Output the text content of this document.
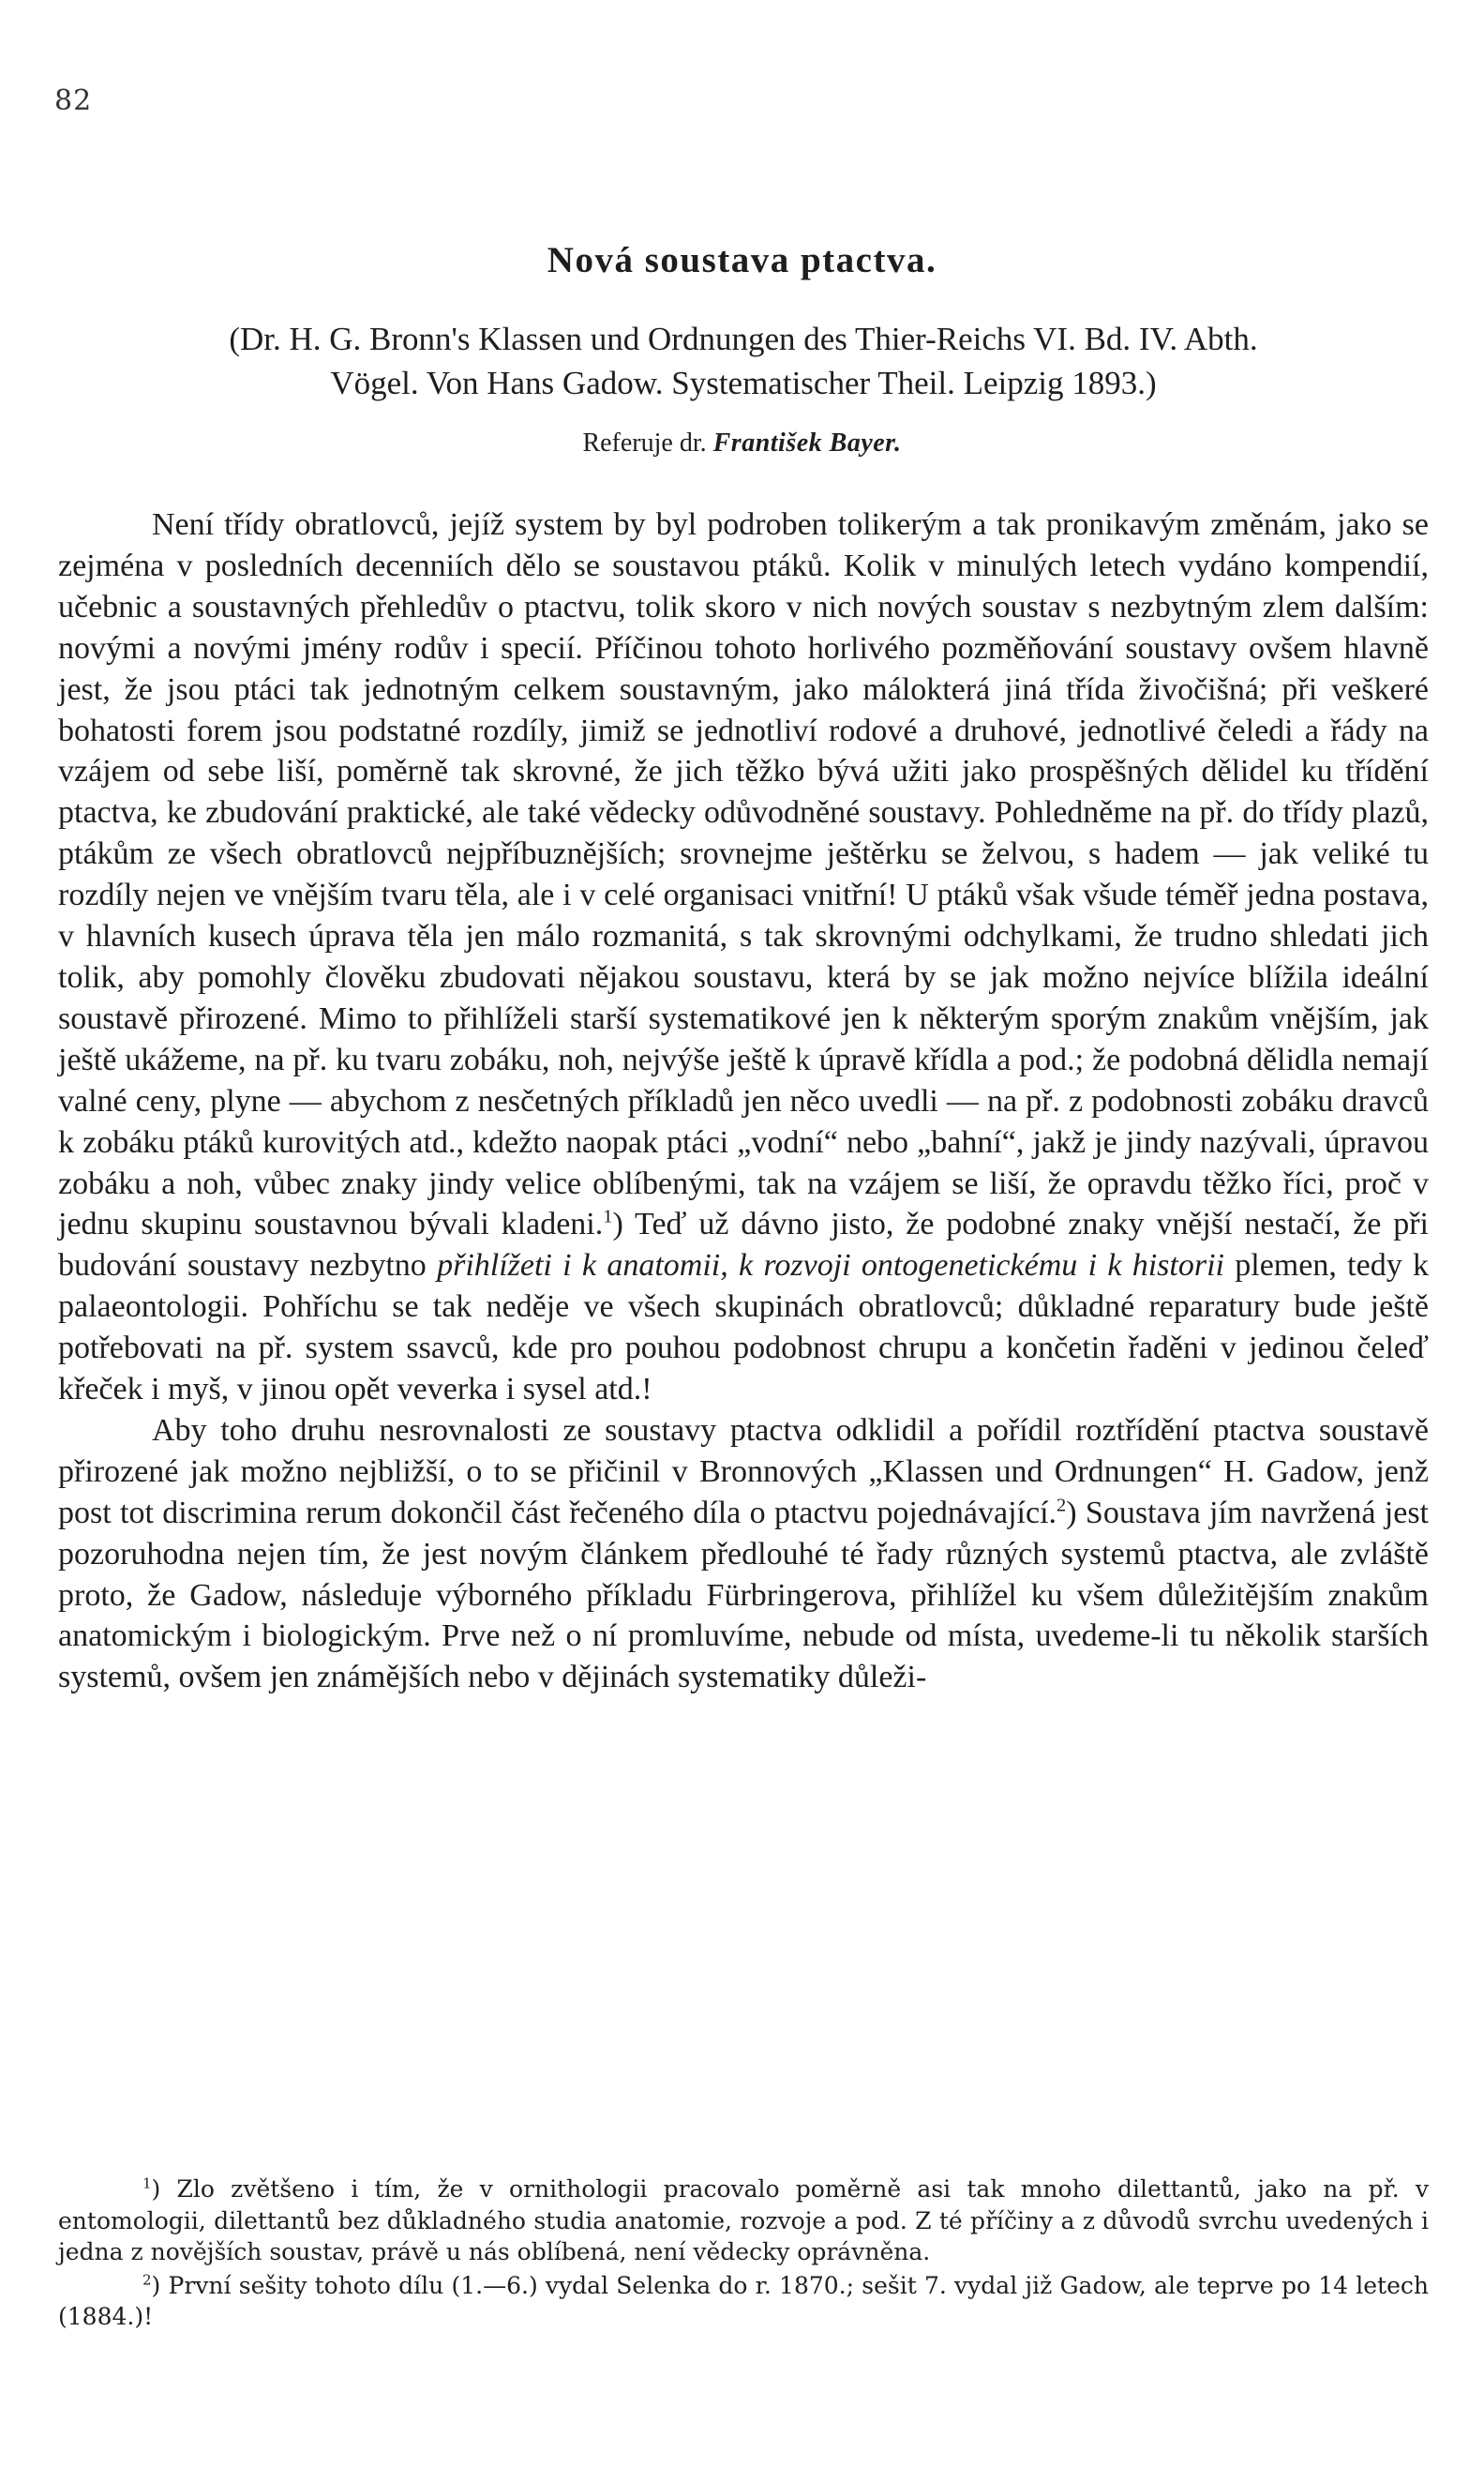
82
Nová soustava ptactva.
(Dr. H. G. Bronn's Klassen und Ordnungen des Thier-Reichs VI. Bd. IV. Abth.
Vögel. Von Hans Gadow. Systematischer Theil. Leipzig 1893.)
Referuje dr. František Bayer.

Není třídy obratlovců, jejíž system by byl podroben tolikerým a tak pronikavým změnám, jako se zejména v posledních decenniích dělo se soustavou ptáků. Kolik v minulých letech vydáno kompendií, učebnic a soustavných přehledův o ptactvu, tolik skoro v nich nových soustav s nezbytným zlem dalším: novými a novými jmény rodův i specií. Příčinou tohoto horlivého pozměňování soustavy ovšem hlavně jest, že jsou ptáci tak jednotným celkem soustavným, jako málokterá jiná třída živočišná; při veškeré bohatosti forem jsou podstatné rozdíly, jimiž se jednotliví rodové a druhové, jednotlivé čeledi a řády na vzájem od sebe liší, poměrně tak skrovné, že jich těžko bývá užiti jako prospěšných dělidel ku třídění ptactva, ke zbudování praktické, ale také vědecky odůvodněné soustavy. Pohledněme na př. do třídy plazů, ptákům ze všech obratlovců nejpříbuznějších; srovnejme ještěrku se želvou, s hadem — jak veliké tu rozdíly nejen ve vnějším tvaru těla, ale i v celé organisaci vnitřní! U ptáků však všude téměř jedna postava, v hlavních kusech úprava těla jen málo rozmanitá, s tak skrovnými odchylkami, že trudno shledati jich tolik, aby pomohly člověku zbudovati nějakou soustavu, která by se jak možno nejvíce blížila ideální soustavě přirozené. Mimo to přihlíželi starší systematikové jen k některým sporým znakům vnějším, jak ještě ukážeme, na př. ku tvaru zobáku, noh, nejvýše ještě k úpravě křídla a pod.; že podobná dělidla nemají valné ceny, plyne — abychom z nesčetných příkladů jen něco uvedli — na př. z podobnosti zobáku dravců k zobáku ptáků kurovitých atd., kdežto naopak ptáci „vodní“ nebo „bahní“, jakž je jindy nazývali, úpravou zobáku a noh, vůbec znaky jindy velice oblíbenými, tak na vzájem se liší, že opravdu těžko říci, proč v jednu skupinu soustavnou bývali kladeni.$^1$) Teď už dávno jisto, že podobné znaky vnější nestačí, že při budování soustavy nezbytno přihlížeti i k anatomii, k rozvoji ontogenetickému i k historii plemen, tedy k palaeontologii. Pohříchu se tak neděje ve všech skupinách obratlovců; důkladné reparatury bude ještě potřebovati na př. system ssavců, kde pro pouhou podobnost chrupu a končetin řaděni v jedinou čeleď křeček i myš, v jinou opět veverka i sysel atd.!

Aby toho druhu nesrovnalosti ze soustavy ptactva odklidil a pořídil roztřídění ptactva soustavě přirozené jak možno nejbližší, o to se přičinil v Bronnových „Klassen und Ordnungen“ H. Gadow, jenž post tot discrimina rerum dokončil část řečeného díla o ptactvu pojednávající.$^2$) Soustava jím navržená jest pozoruhodna nejen tím, že jest novým článkem předlouhé té řady různých systemů ptactva, ale zvláště proto, že Gadow, následuje výborného příkladu Fürbringerova, přihlížel ku všem důležitějším znakům anatomickým i biologickým. Prve než o ní promluvíme, nebude od místa, uvedeme-li tu několik starších systemů, ovšem jen známějších nebo v dějinách systematiky důleži-

$^1$) Zlo zvětšeno i tím, že v ornithologii pracovalo poměrně asi tak mnoho dilettantů, jako na př. v entomologii, dilettantů bez důkladného studia anatomie, rozvoje a pod. Z té příčiny a z důvodů svrchu uvedených i jedna z novějších soustav, právě u nás oblíbená, není vědecky oprávněna.

$^2$) První sešity tohoto dílu (1.—6.) vydal Selenka do r. 1870.; sešit 7. vydal již Gadow, ale teprve po 14 letech (1884.)!
